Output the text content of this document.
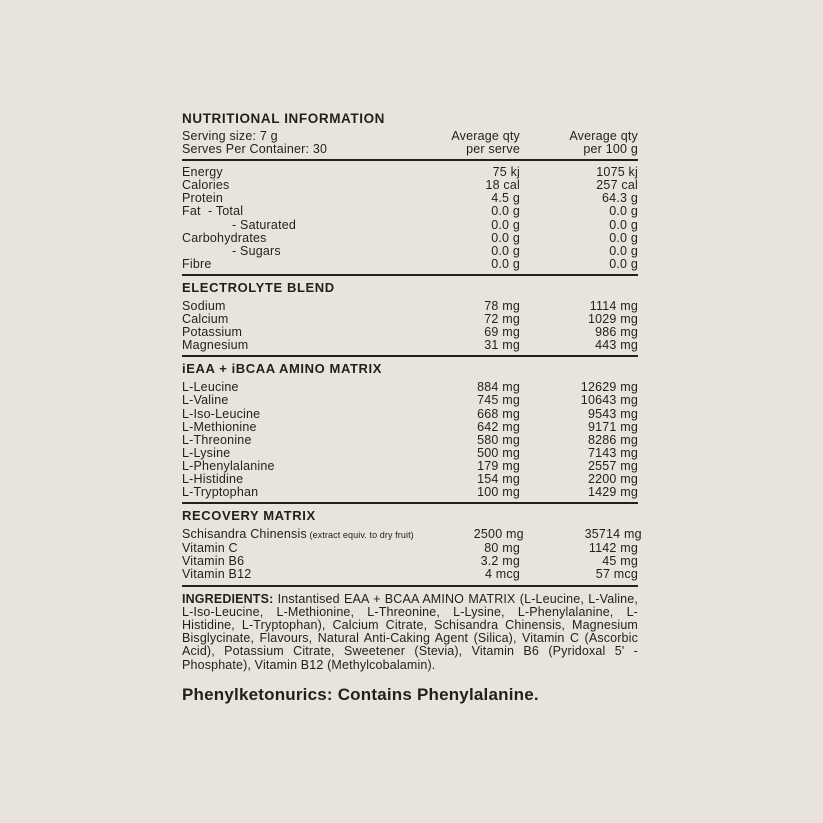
NUTRITIONAL INFORMATION
Serving size: 7 g
Serves Per Container: 30
Average qty
per serve
Average qty
per 100 g
Energy	75 kj	1075 kj
Calories	18 cal	257 cal
Protein	4.5 g	64.3 g
Fat  - Total	0.0 g	0.0 g
- Saturated	0.0 g	0.0 g
Carbohydrates	0.0 g	0.0 g
- Sugars	0.0 g	0.0 g
Fibre	0.0 g	0.0 g
ELECTROLYTE BLEND
Sodium	78 mg	1114 mg
Calcium	72 mg	1029 mg
Potassium	69 mg	986 mg
Magnesium	31 mg	443 mg
iEAA + iBCAA AMINO MATRIX
L-Leucine	884 mg	12629 mg
L-Valine	745 mg	10643 mg
L-Iso-Leucine	668 mg	9543 mg
L-Methionine	642 mg	9171 mg
L-Threonine	580 mg	8286 mg
L-Lysine	500 mg	7143 mg
L-Phenylalanine	179 mg	2557 mg
L-Histidine	154 mg	2200 mg
L-Tryptophan	100 mg	1429 mg
RECOVERY MATRIX
Schisandra Chinensis (extract equiv. to dry fruit)	2500 mg	35714 mg
Vitamin C	80 mg	1142 mg
Vitamin B6	3.2 mg	45 mg
Vitamin B12	4 mcg	57 mcg

INGREDIENTS: Instantised EAA + BCAA AMINO MATRIX (L-Leucine, L-Valine, L-Iso-Leucine, L-Methionine, L-Threonine, L-Lysine, L-Phenylalanine, L-Histidine, L-Tryptophan), Calcium Citrate, Schisandra Chinensis, Magnesium Bisglycinate, Flavours, Natural Anti-Caking Agent (Silica), Vitamin C (Ascorbic Acid), Potassium Citrate, Sweetener (Stevia), Vitamin B6 (Pyridoxal 5' -Phosphate), Vitamin B12 (Methylcobalamin).

Phenylketonurics: Contains Phenylalanine.
